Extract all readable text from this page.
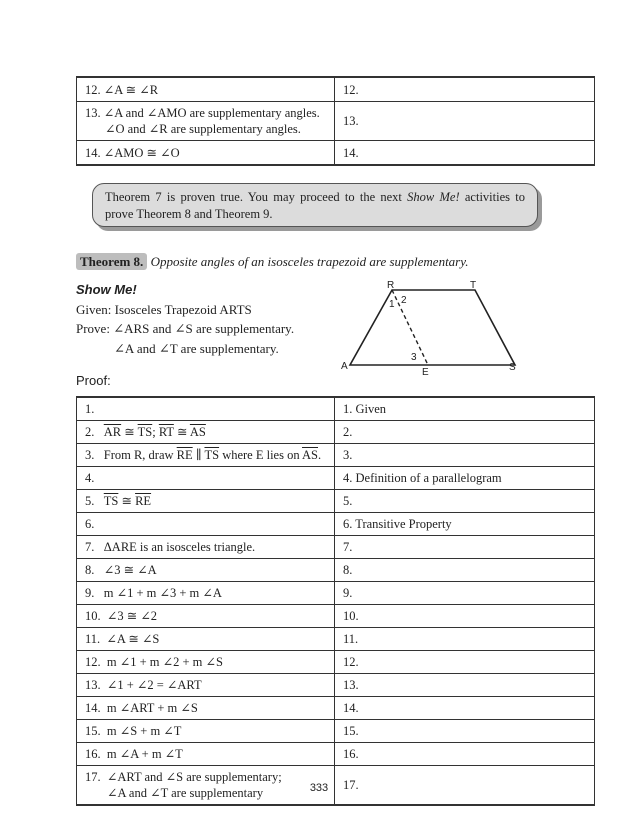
12. ∠A ≅ ∠R	12.

13. ∠A and ∠AMO are supplementary angles.
∠O and ∠R are supplementary angles.	13.
14. ∠AMO ≅ ∠O	14.
Theorem 7 is proven true. You may proceed to the next Show Me! activities to prove Theorem 8 and Theorem 9.
Theorem 8. Opposite angles of an isosceles trapezoid are supplementary.
Show Me!
Given: Isosceles Trapezoid ARTS
Prove: ∠ARS and ∠S are supplementary.
∠A and ∠T are supplementary.
Proof:
R	T
A	S
E
1 2
3
1.	1. Given
2. $\overline{AR}$ ≅ $\overline{TS}$; $\overline{RT}$ ≅ $\overline{AS}$	2.
3. From R, draw $\overline{RE}$ ∥ $\overline{TS}$ where E lies on $\overline{AS}$.	3.
4.	4. Definition of a parallelogram
5. $\overline{TS}$ ≅ $\overline{RE}$	5.
6.	6. Transitive Property
7. ΔARE is an isosceles triangle.	7.
8. ∠3 ≅ ∠A	8.
9. m ∠1 + m ∠3 + m ∠A	9.
10. ∠3 ≅ ∠2	10.
11. ∠A ≅ ∠S	11.
12. m ∠1 + m ∠2 + m ∠S	12.
13. ∠1 + ∠2 = ∠ART	13.
14. m ∠ART + m ∠S	14.
15. m ∠S + m ∠T	15.
16. m ∠A + m ∠T	16.

17. ∠ART and ∠S are supplementary;
∠A and ∠T are supplementary	17.
333
